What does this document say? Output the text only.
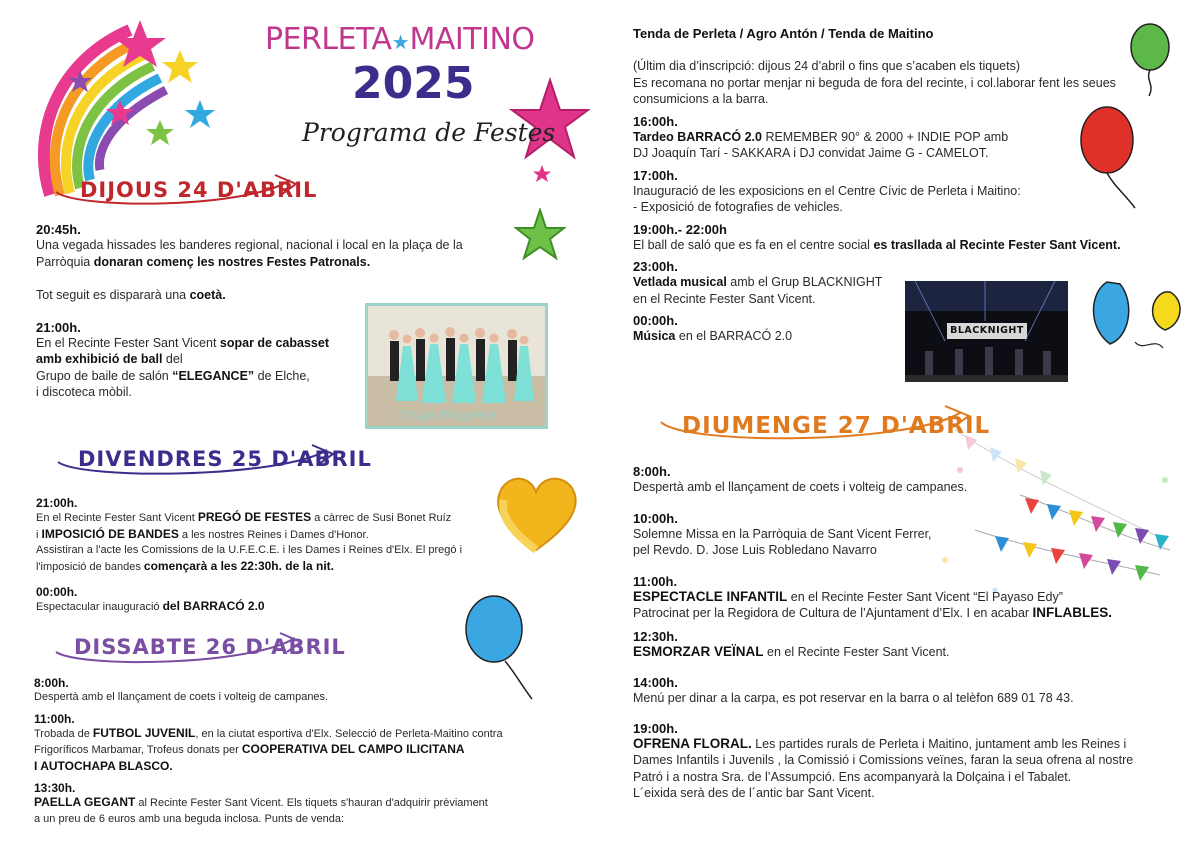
PERLETA★MAITINO
2025
Programa de Festes
DIJOUS 24 D'ABRIL
20:45h.
Una vegada hissades les banderes regional, nacional i local en la plaça de la
Parròquia donaran començ les nostres Festes Patronals.
Tot seguit es dispararà una coetà.
21:00h.
En el Recinte Fester Sant Vicent sopar de cabasset
amb exhibició de ball del
Grupo de baile de salón “ELEGANCE” de Elche,
i discoteca mòbil.
Grupo Elegance
DIVENDRES 25 D'ABRIL
21:00h.
En el Recinte Fester Sant Vicent PREGÓ DE FESTES a càrrec de Susi Bonet Ruíz
i IMPOSICIÓ DE BANDES a les nostres Reines i Dames d'Honor.
Assistiran a l'acte les Comissions de la U.F.E.C.E. i les Dames i Reines d'Elx. El pregó i
l'imposició de bandes començarà a les 22:30h. de la nit.
00:00h.
Espectacular inauguració del BARRACÓ 2.0
DISSABTE 26 D'ABRIL
8:00h.
Despertà amb el llançament de coets i volteig de campanes.
11:00h.
Trobada de FUTBOL JUVENIL, en la ciutat esportiva d'Elx. Selecció de Perleta-Maitino contra
Frigoríficos Marbamar, Trofeus donats per COOPERATIVA DEL CAMPO ILICITANA
I AUTOCHAPA BLASCO.
13:30h.
PAELLA GEGANT al Recinte Fester Sant Vicent. Els tiquets s'hauran d'adquirir prèviament
a un preu de 6 euros amb una beguda inclosa. Punts de venda:
Tenda de Perleta / Agro Antón / Tenda de Maitino
(Últim dia d’inscripció: dijous 24 d’abril o fins que s’acaben els tiquets)
Es recomana no portar menjar ni beguda de fora del recinte, i col.laborar fent les seues
consumicions a la barra.
16:00h.
Tardeo BARRACÓ 2.0 REMEMBER 90° & 2000 + INDIE POP amb
DJ Joaquín Tarí - SAKKARA i DJ convidat Jaime G - CAMELOT.
17:00h.
Inauguració de les exposicions en el Centre Cívic de Perleta i Maitino:
- Exposició de fotografies de vehicles.
19:00h.- 22:00h
El ball de saló que es fa en el centre social es trasllada al Recinte Fester Sant Vicent.
23:00h.
Vetlada musical amb el Grup BLACKNIGHT
en el Recinte Fester Sant Vicent.
00:00h.
Música en el BARRACÓ 2.0	BLACKNIGHT
DIUMENGE 27 D'ABRIL
8:00h.
Despertà amb el llançament de coets i volteig de campanes.
10:00h.
Solemne Missa en la Parròquia de Sant Vicent Ferrer,
pel Revdo. D. Jose Luis Robledano Navarro
11:00h.
ESPECTACLE INFANTIL en el Recinte Fester Sant Vicent “El Payaso Edy”
Patrocinat per la Regidora de Cultura de l’Ajuntament d’Elx. I en acabar INFLABLES.
12:30h.
ESMORZAR VEÏNAL en el Recinte Fester Sant Vicent.
14:00h.
Menú per dinar a la carpa, es pot reservar en la barra o al telèfon 689 01 78 43.
19:00h.
OFRENA FLORAL. Les partides rurals de Perleta i Maitino, juntament amb les Reines i
Dames Infantils i Juvenils , la Comissió i Comissions veïnes, faran la seua ofrena al nostre
Patró i a nostra Sra. de l’Assumpció. Ens acompanyarà la Dolçaina i el Tabalet.
L´eixida serà des de l´antic bar Sant Vicent.
